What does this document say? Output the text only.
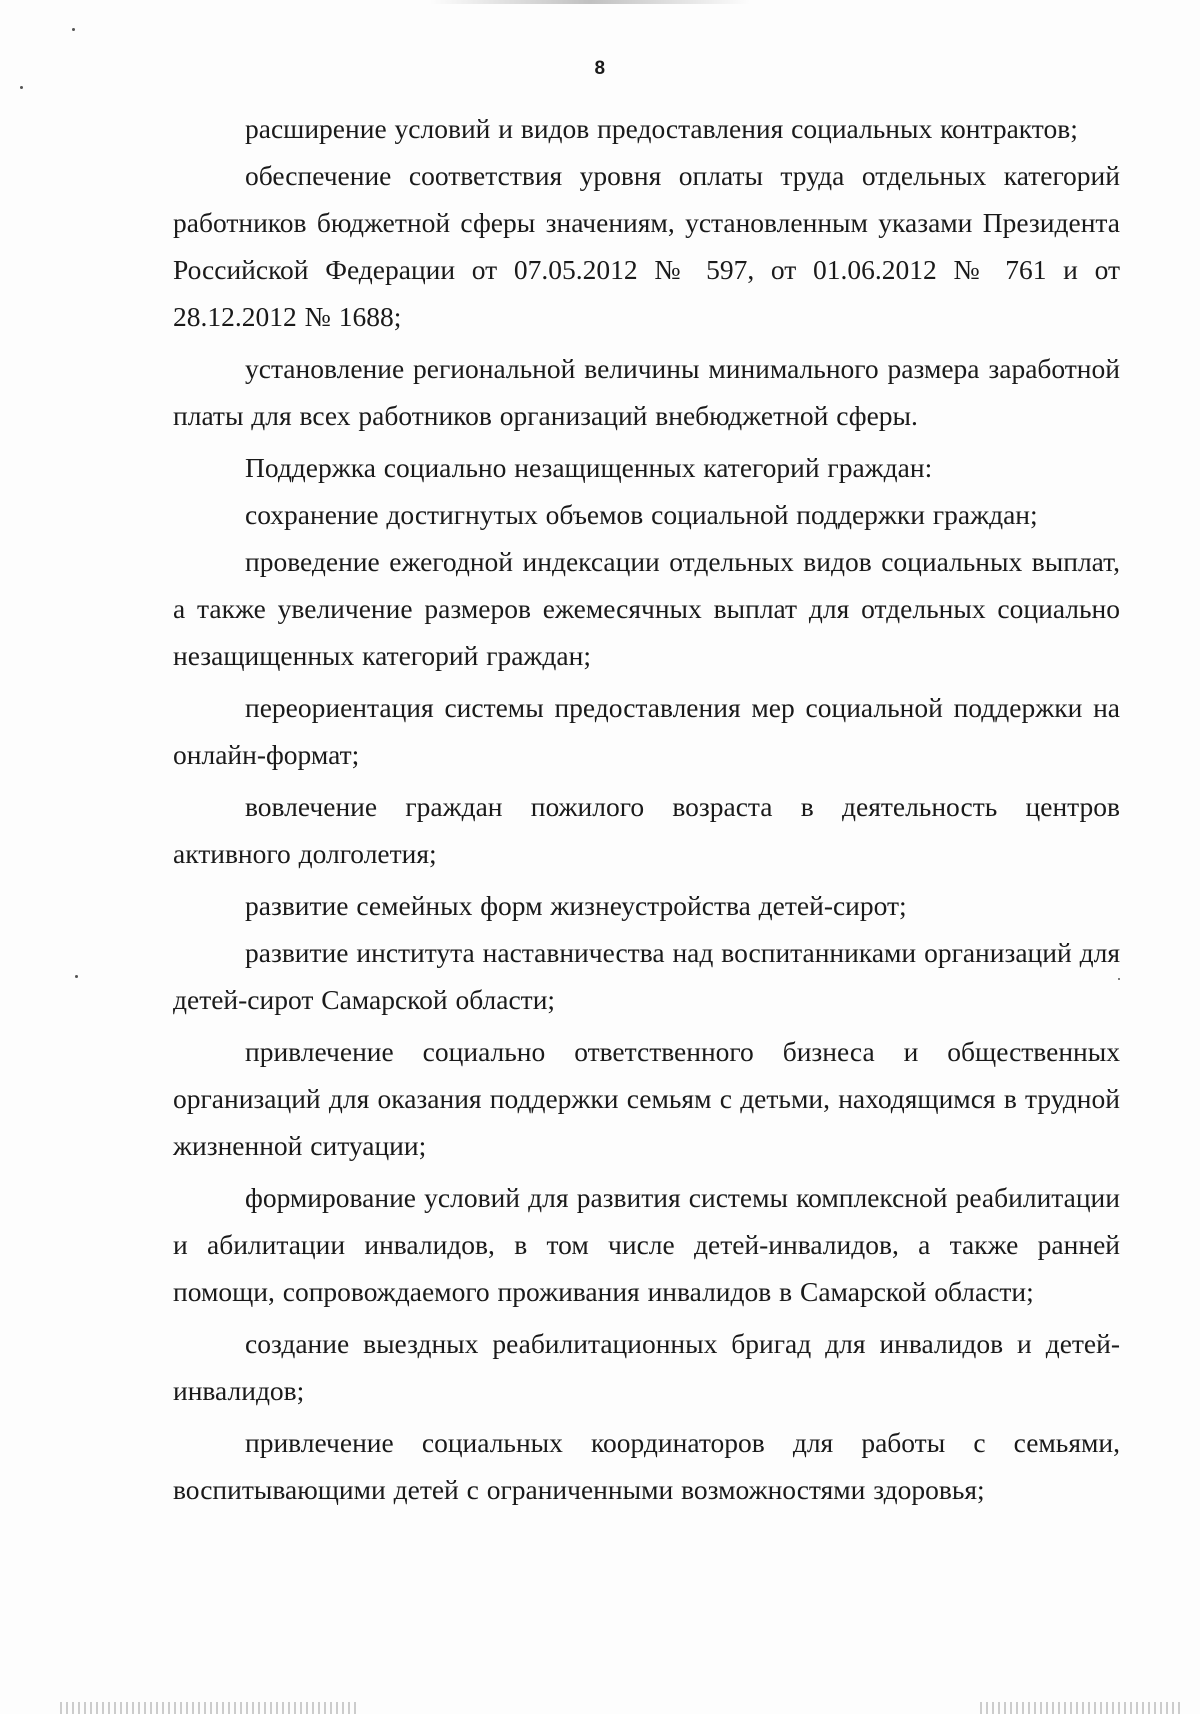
8

расширение условий и видов предоставления социальных контрактов;

обеспечение соответствия уровня оплаты труда отдельных категорий работников бюджетной сферы значениям, установленным указами Президента Российской Федерации от 07.05.2012 № 597, от 01.06.2012 № 761 и от 28.12.2012 № 1688;

установление региональной величины минимального размера заработной платы для всех работников организаций внебюджетной сферы.

Поддержка социально незащищенных категорий граждан:

сохранение достигнутых объемов социальной поддержки граждан;

проведение ежегодной индексации отдельных видов социальных выплат, а также увеличение размеров ежемесячных выплат для отдельных социально незащищенных категорий граждан;

переориентация системы предоставления мер социальной поддержки на онлайн-формат;

вовлечение граждан пожилого возраста в деятельность центров активного долголетия;

развитие семейных форм жизнеустройства детей-сирот;

развитие института наставничества над воспитанниками организаций для детей-сирот Самарской области;

привлечение социально ответственного бизнеса и общественных организаций для оказания поддержки семьям с детьми, находящимся в трудной жизненной ситуации;

формирование условий для развития системы комплексной реабилитации и абилитации инвалидов, в том числе детей-инвалидов, а также ранней помощи, сопровождаемого проживания инвалидов в Самарской области;

создание выездных реабилитационных бригад для инвалидов и детей-инвалидов;

привлечение социальных координаторов для работы с семьями, воспитывающими детей с ограниченными возможностями здоровья;
